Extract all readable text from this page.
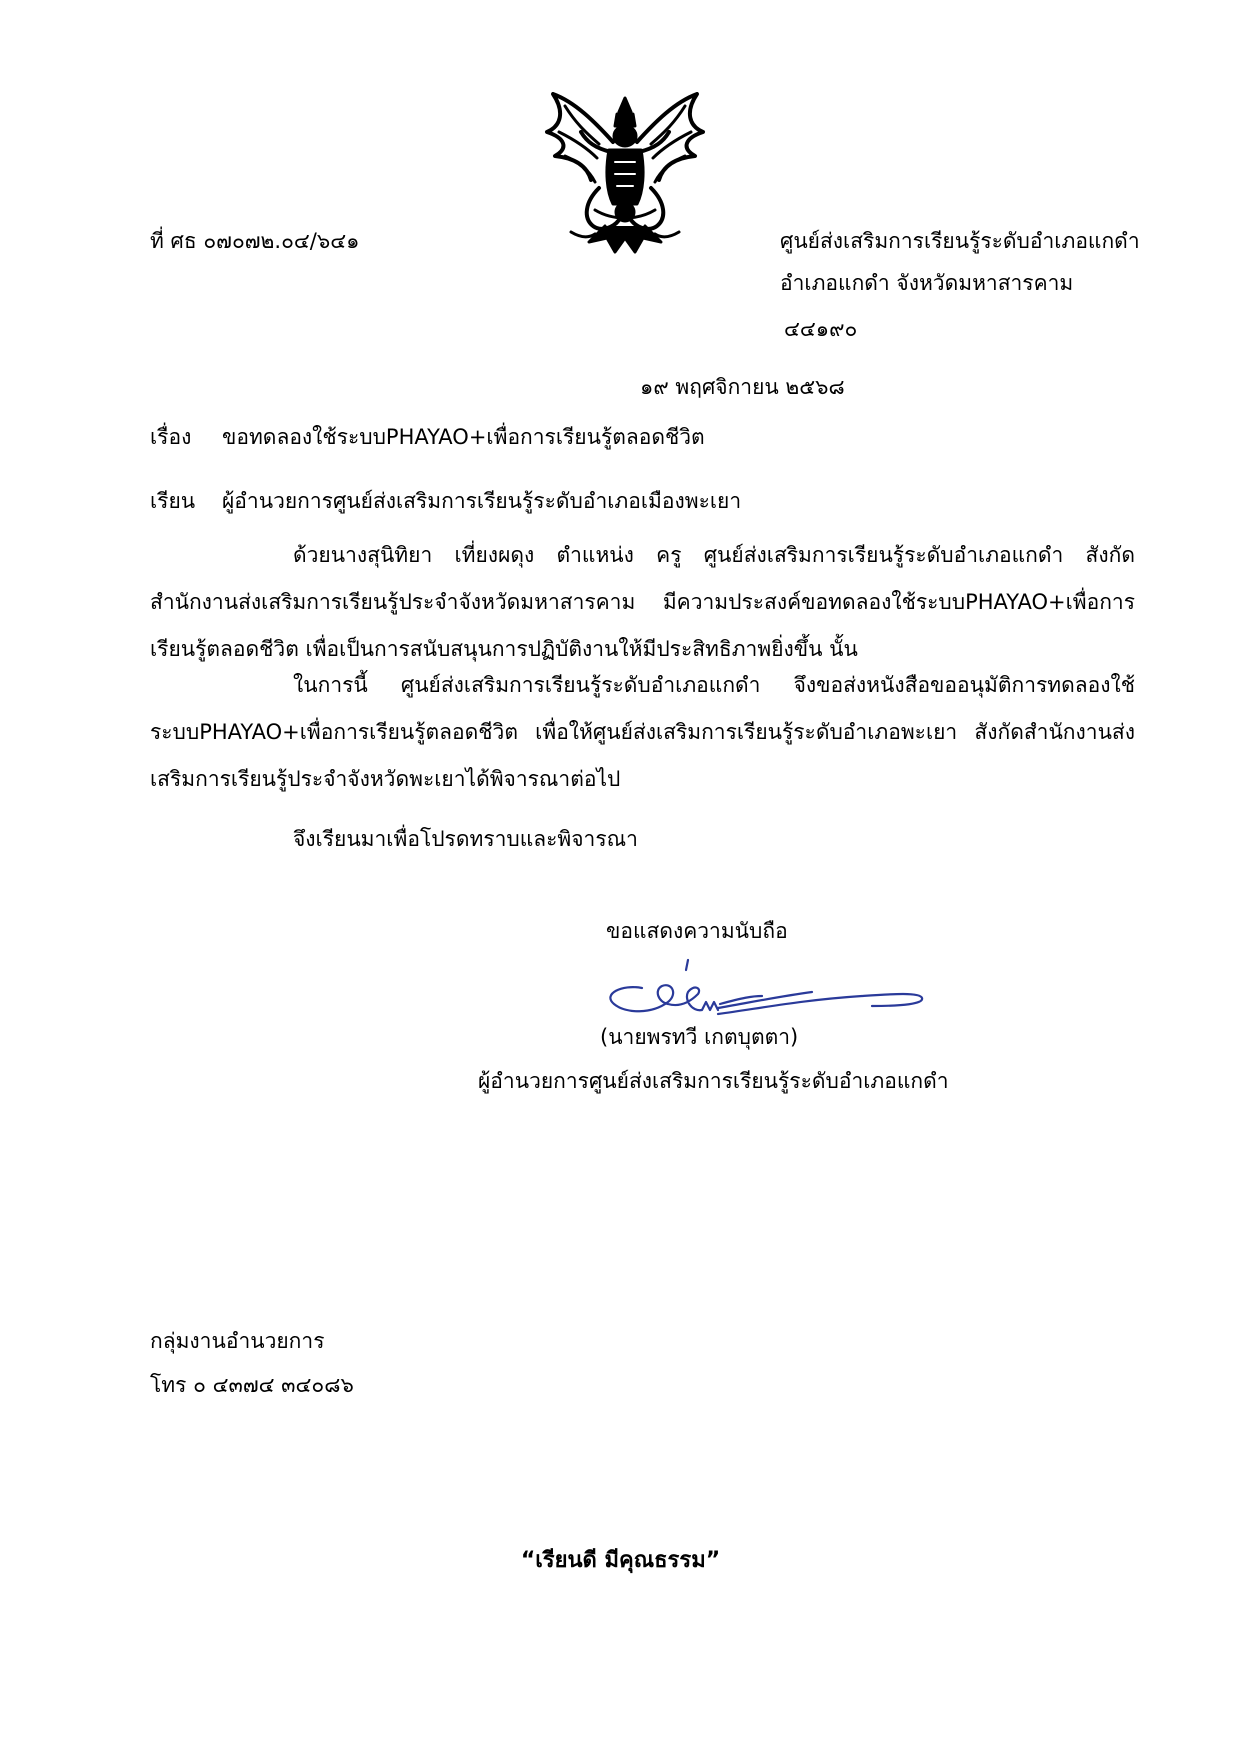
ที่ ศธ ๐๗๐๗๒.๐๔/๖๔๑	ศูนย์ส่งเสริมการเรียนรู้ระดับอำเภอแกดำ
อำเภอแกดำ จังหวัดมหาสารคาม
๔๔๑๙๐
๑๙ พฤศจิกายน ๒๕๖๘
เรื่อง ขอทดลองใช้ระบบPHAYAO+เพื่อการเรียนรู้ตลอดชีวิต
เรียน ผู้อำนวยการศูนย์ส่งเสริมการเรียนรู้ระดับอำเภอเมืองพะเยา
ด้วยนางสุนิทิยา เที่ยงผดุง ตำแหน่ง ครู ศูนย์ส่งเสริมการเรียนรู้ระดับอำเภอแกดำ สังกัดสำนักงานส่งเสริมการเรียนรู้ประจำจังหวัดมหาสารคาม มีความประสงค์ขอทดลองใช้ระบบPHAYAO+เพื่อการเรียนรู้ตลอดชีวิต เพื่อเป็นการสนับสนุนการปฏิบัติงานให้มีประสิทธิภาพยิ่งขึ้น นั้น
ในการนี้ ศูนย์ส่งเสริมการเรียนรู้ระดับอำเภอแกดำ จึงขอส่งหนังสือขออนุมัติการทดลองใช้ระบบPHAYAO+เพื่อการเรียนรู้ตลอดชีวิต เพื่อให้ศูนย์ส่งเสริมการเรียนรู้ระดับอำเภอพะเยา สังกัดสำนักงานส่งเสริมการเรียนรู้ประจำจังหวัดพะเยาได้พิจารณาต่อไป
จึงเรียนมาเพื่อโปรดทราบและพิจารณา
ขอแสดงความนับถือ
(นายพรทวี เกตบุตตา)
ผู้อำนวยการศูนย์ส่งเสริมการเรียนรู้ระดับอำเภอแกดำ
กลุ่มงานอำนวยการ
โทร ๐ ๔๓๗๔ ๓๔๐๘๖
“เรียนดี มีคุณธรรม”
